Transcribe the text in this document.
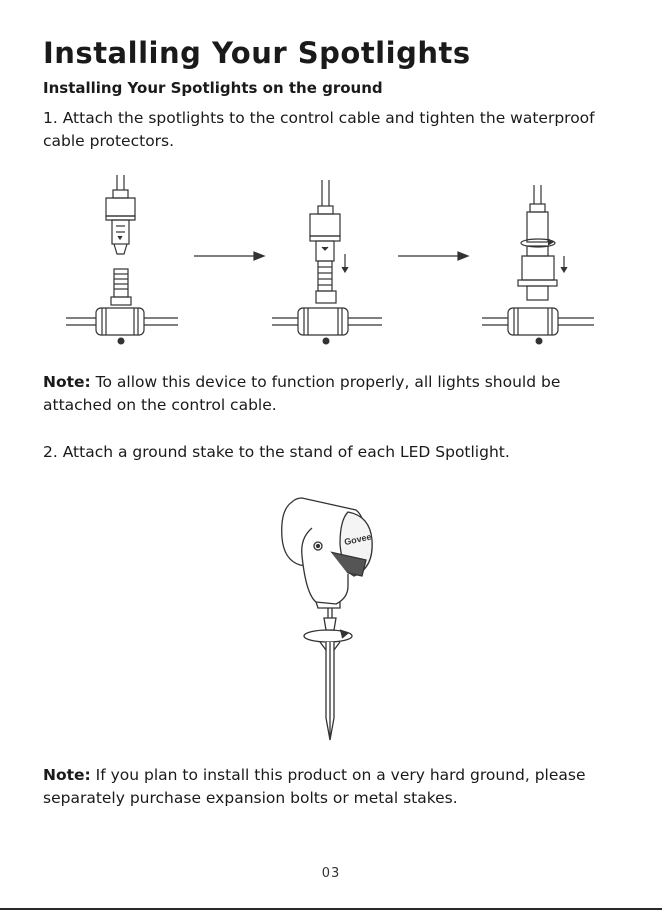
Installing Your Spotlights
Installing Your Spotlights on the ground

1. Attach the spotlights to the control cable and tighten the waterproof cable protectors.

Note: To allow this device to function properly, all lights should be attached on the control cable.

2. Attach a ground stake to the stand of each LED Spotlight.

Govee

Note: If you plan to install this product on a very hard ground, please separately purchase expansion bolts or metal stakes.

03
